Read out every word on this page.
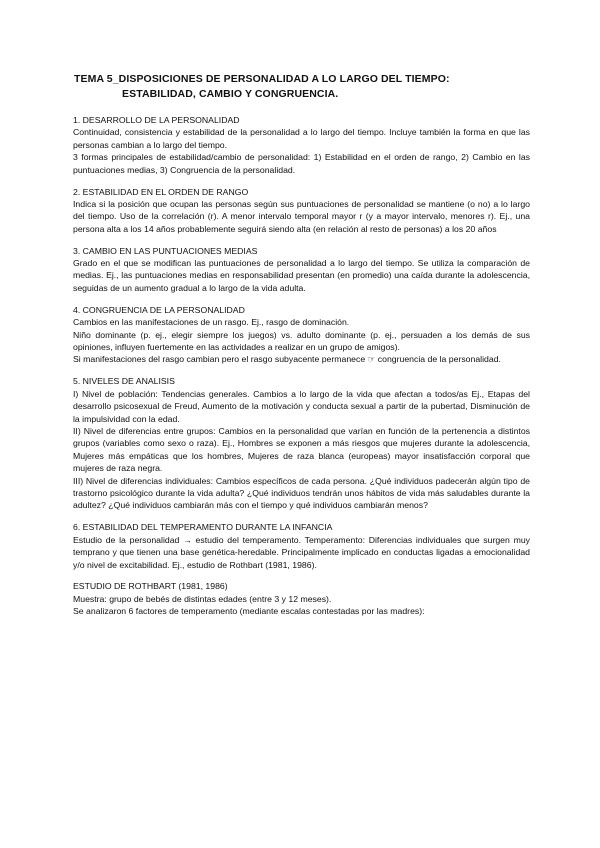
TEMA 5_DISPOSICIONES DE PERSONALIDAD A LO LARGO DEL TIEMPO:
ESTABILIDAD, CAMBIO Y CONGRUENCIA.
1. DESARROLLO DE LA PERSONALIDAD
Continuidad, consistencia y estabilidad de la personalidad a lo largo del tiempo. Incluye también la forma en que las personas cambian a lo largo del tiempo.
3 formas principales de estabilidad/cambio de personalidad: 1) Estabilidad en el orden de rango, 2) Cambio en las puntuaciones medias, 3) Congruencia de la personalidad.
2. ESTABILIDAD EN EL ORDEN DE RANGO
Indica si la posición que ocupan las personas según sus puntuaciones de personalidad se mantiene (o no) a lo largo del tiempo. Uso de la correlación (r). A menor intervalo temporal mayor r (y a mayor intervalo, menores r). Ej., una persona alta a los 14 años probablemente seguirá siendo alta (en relación al resto de personas) a los 20 años
3. CAMBIO EN LAS PUNTUACIONES MEDIAS
Grado en el que se modifican las puntuaciones de personalidad a lo largo del tiempo. Se utiliza la comparación de medias. Ej., las puntuaciones medias en responsabilidad presentan (en promedio) una caída durante la adolescencia, seguidas de un aumento gradual a lo largo de la vida adulta.
4. CONGRUENCIA DE LA PERSONALIDAD
Cambios en las manifestaciones de un rasgo. Ej., rasgo de dominación.
Niño dominante (p. ej., elegir siempre los juegos) vs. adulto dominante (p. ej., persuaden a los demás de sus opiniones, influyen fuertemente en las actividades a realizar en un grupo de amigos).
Si manifestaciones del rasgo cambian pero el rasgo subyacente permanece ☞ congruencia de la personalidad.
5. NIVELES DE ANALISIS
I) Nivel de población: Tendencias generales. Cambios a lo largo de la vida que afectan a todos/as Ej., Etapas del desarrollo psicosexual de Freud, Aumento de la motivación y conducta sexual a partir de la pubertad, Disminución de la impulsividad con la edad.
II) Nivel de diferencias entre grupos: Cambios en la personalidad que varían en función de la pertenencia a distintos grupos (variables como sexo o raza). Ej., Hombres se exponen a más riesgos que mujeres durante la adolescencia, Mujeres más empáticas que los hombres, Mujeres de raza blanca (europeas) mayor insatisfacción corporal que mujeres de raza negra.
III) Nivel de diferencias individuales: Cambios específicos de cada persona. ¿Qué individuos padecerán algún tipo de trastorno psicológico durante la vida adulta? ¿Qué individuos tendrán unos hábitos de vida más saludables durante la adultez? ¿Qué individuos cambiarán más con el tiempo y qué individuos cambiarán menos?
6. ESTABILIDAD DEL TEMPERAMENTO DURANTE LA INFANCIA
Estudio de la personalidad → estudio del temperamento. Temperamento: Diferencias individuales que surgen muy temprano y que tienen una base genética-heredable. Principalmente implicado en conductas ligadas a emocionalidad y/o nivel de excitabilidad. Ej., estudio de Rothbart (1981, 1986).
ESTUDIO DE ROTHBART (1981, 1986)
Muestra: grupo de bebés de distintas edades (entre 3 y 12 meses).
Se analizaron 6 factores de temperamento (mediante escalas contestadas por las madres):
